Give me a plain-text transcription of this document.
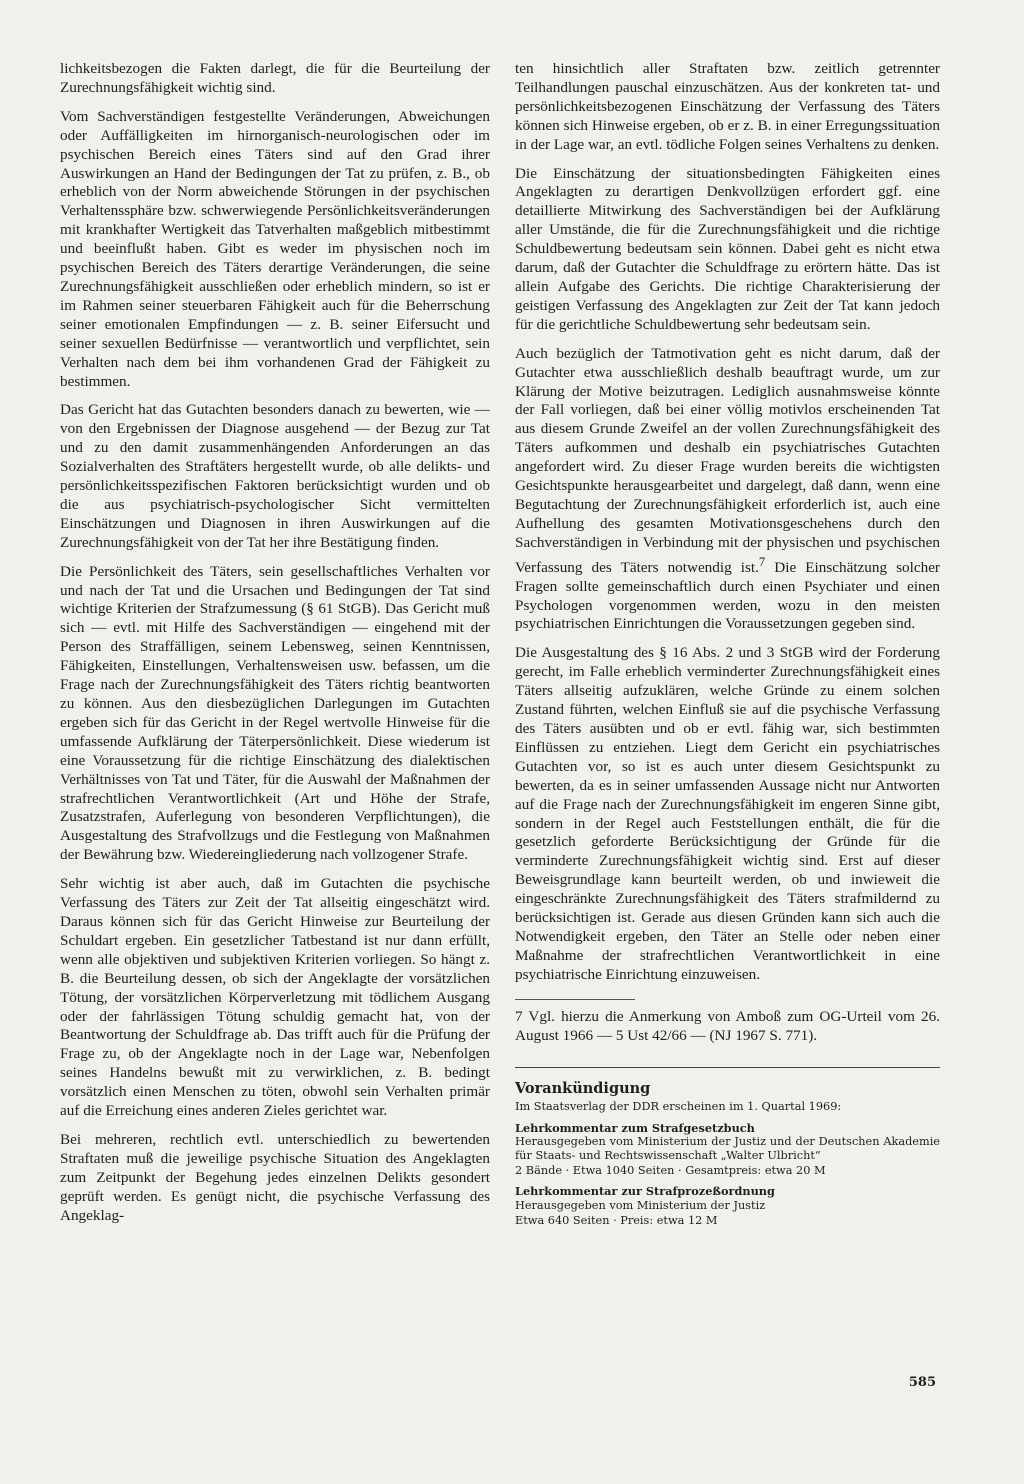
lichkeitsbezogen die Fakten darlegt, die für die Beurteilung der Zurechnungsfähigkeit wichtig sind.

Vom Sachverständigen festgestellte Veränderungen, Abweichungen oder Auffälligkeiten im hirnorganisch-neurologischen oder im psychischen Bereich eines Täters sind auf den Grad ihrer Auswirkungen an Hand der Bedingungen der Tat zu prüfen, z. B., ob erheblich von der Norm abweichende Störungen in der psychischen Verhaltenssphäre bzw. schwerwiegende Persönlichkeitsveränderungen mit krankhafter Wertigkeit das Tatverhalten maßgeblich mitbestimmt und beeinflußt haben. Gibt es weder im physischen noch im psychischen Bereich des Täters derartige Veränderungen, die seine Zurechnungsfähigkeit ausschließen oder erheblich mindern, so ist er im Rahmen seiner steuerbaren Fähigkeit auch für die Beherrschung seiner emotionalen Empfindungen — z. B. seiner Eifersucht und seiner sexuellen Bedürfnisse — verantwortlich und verpflichtet, sein Verhalten nach dem bei ihm vorhandenen Grad der Fähigkeit zu bestimmen.

Das Gericht hat das Gutachten besonders danach zu bewerten, wie — von den Ergebnissen der Diagnose ausgehend — der Bezug zur Tat und zu den damit zusammenhängenden Anforderungen an das Sozialverhalten des Straftäters hergestellt wurde, ob alle delikts- und persönlichkeitsspezifischen Faktoren berücksichtigt wurden und ob die aus psychiatrisch-psychologischer Sicht vermittelten Einschätzungen und Diagnosen in ihren Auswirkungen auf die Zurechnungsfähigkeit von der Tat her ihre Bestätigung finden.

Die Persönlichkeit des Täters, sein gesellschaftliches Verhalten vor und nach der Tat und die Ursachen und Bedingungen der Tat sind wichtige Kriterien der Strafzumessung (§ 61 StGB). Das Gericht muß sich — evtl. mit Hilfe des Sachverständigen — eingehend mit der Person des Straffälligen, seinem Lebensweg, seinen Kenntnissen, Fähigkeiten, Einstellungen, Verhaltensweisen usw. befassen, um die Frage nach der Zurechnungsfähigkeit des Täters richtig beantworten zu können. Aus den diesbezüglichen Darlegungen im Gutachten ergeben sich für das Gericht in der Regel wertvolle Hinweise für die umfassende Aufklärung der Täterpersönlichkeit. Diese wiederum ist eine Voraussetzung für die richtige Einschätzung des dialektischen Verhältnisses von Tat und Täter, für die Auswahl der Maßnahmen der strafrechtlichen Verantwortlichkeit (Art und Höhe der Strafe, Zusatzstrafen, Auferlegung von besonderen Verpflichtungen), die Ausgestaltung des Strafvollzugs und die Festlegung von Maßnahmen der Bewährung bzw. Wiedereingliederung nach vollzogener Strafe.

Sehr wichtig ist aber auch, daß im Gutachten die psychische Verfassung des Täters zur Zeit der Tat allseitig eingeschätzt wird. Daraus können sich für das Gericht Hinweise zur Beurteilung der Schuldart ergeben. Ein gesetzlicher Tatbestand ist nur dann erfüllt, wenn alle objektiven und subjektiven Kriterien vorliegen. So hängt z. B. die Beurteilung dessen, ob sich der Angeklagte der vorsätzlichen Tötung, der vorsätzlichen Körperverletzung mit tödlichem Ausgang oder der fahrlässigen Tötung schuldig gemacht hat, von der Beantwortung der Schuldfrage ab. Das trifft auch für die Prüfung der Frage zu, ob der Angeklagte noch in der Lage war, Nebenfolgen seines Handelns bewußt mit zu verwirklichen, z. B. bedingt vorsätzlich einen Menschen zu töten, obwohl sein Verhalten primär auf die Erreichung eines anderen Zieles gerichtet war.

Bei mehreren, rechtlich evtl. unterschiedlich zu bewertenden Straftaten muß die jeweilige psychische Situation des Angeklagten zum Zeitpunkt der Begehung jedes einzelnen Delikts gesondert geprüft werden. Es genügt nicht, die psychische Verfassung des Angeklag-

ten hinsichtlich aller Straftaten bzw. zeitlich getrennter Teilhandlungen pauschal einzuschätzen. Aus der konkreten tat- und persönlichkeitsbezogenen Einschätzung der Verfassung des Täters können sich Hinweise ergeben, ob er z. B. in einer Erregungssituation in der Lage war, an evtl. tödliche Folgen seines Verhaltens zu denken.

Die Einschätzung der situationsbedingten Fähigkeiten eines Angeklagten zu derartigen Denkvollzügen erfordert ggf. eine detaillierte Mitwirkung des Sachverständigen bei der Aufklärung aller Umstände, die für die Zurechnungsfähigkeit und die richtige Schuldbewertung bedeutsam sein können. Dabei geht es nicht etwa darum, daß der Gutachter die Schuldfrage zu erörtern hätte. Das ist allein Aufgabe des Gerichts. Die richtige Charakterisierung der geistigen Verfassung des Angeklagten zur Zeit der Tat kann jedoch für die gerichtliche Schuldbewertung sehr bedeutsam sein.

Auch bezüglich der Tatmotivation geht es nicht darum, daß der Gutachter etwa ausschließlich deshalb beauftragt wurde, um zur Klärung der Motive beizutragen. Lediglich ausnahmsweise könnte der Fall vorliegen, daß bei einer völlig motivlos erscheinenden Tat aus diesem Grunde Zweifel an der vollen Zurechnungsfähigkeit des Täters aufkommen und deshalb ein psychiatrisches Gutachten angefordert wird. Zu dieser Frage wurden bereits die wichtigsten Gesichtspunkte herausgearbeitet und dargelegt, daß dann, wenn eine Begutachtung der Zurechnungsfähigkeit erforderlich ist, auch eine Aufhellung des gesamten Motivationsgeschehens durch den Sachverständigen in Verbindung mit der physischen und psychischen Verfassung des Täters notwendig ist.$^7$ Die Einschätzung solcher Fragen sollte gemeinschaftlich durch einen Psychiater und einen Psychologen vorgenommen werden, wozu in den meisten psychiatrischen Einrichtungen die Voraussetzungen gegeben sind.

Die Ausgestaltung des § 16 Abs. 2 und 3 StGB wird der Forderung gerecht, im Falle erheblich verminderter Zurechnungsfähigkeit eines Täters allseitig aufzuklären, welche Gründe zu einem solchen Zustand führten, welchen Einfluß sie auf die psychische Verfassung des Täters ausübten und ob er evtl. fähig war, sich bestimmten Einflüssen zu entziehen. Liegt dem Gericht ein psychiatrisches Gutachten vor, so ist es auch unter diesem Gesichtspunkt zu bewerten, da es in seiner umfassenden Aussage nicht nur Antworten auf die Frage nach der Zurechnungsfähigkeit im engeren Sinne gibt, sondern in der Regel auch Feststellungen enthält, die für die gesetzlich geforderte Berücksichtigung der Gründe für die verminderte Zurechnungsfähigkeit wichtig sind. Erst auf dieser Beweisgrundlage kann beurteilt werden, ob und inwieweit die eingeschränkte Zurechnungsfähigkeit des Täters strafmildernd zu berücksichtigen ist. Gerade aus diesen Gründen kann sich auch die Notwendigkeit ergeben, den Täter an Stelle oder neben einer Maßnahme der strafrechtlichen Verantwortlichkeit in eine psychiatrische Einrichtung einzuweisen.

7 Vgl. hierzu die Anmerkung von Amboß zum OG-Urteil vom 26. August 1966 — 5 Ust 42/66 — (NJ 1967 S. 771).

Vorankündigung
Im Staatsverlag der DDR erscheinen im 1. Quartal 1969:
Lehrkommentar zum Strafgesetzbuch
Herausgegeben vom Ministerium der Justiz und der Deutschen Akademie für Staats- und Rechtswissenschaft „Walter Ulbricht“
2 Bände · Etwa 1040 Seiten · Gesamtpreis: etwa 20 M
Lehrkommentar zur Strafprozeßordnung
Herausgegeben vom Ministerium der Justiz
Etwa 640 Seiten · Preis: etwa 12 M
585
